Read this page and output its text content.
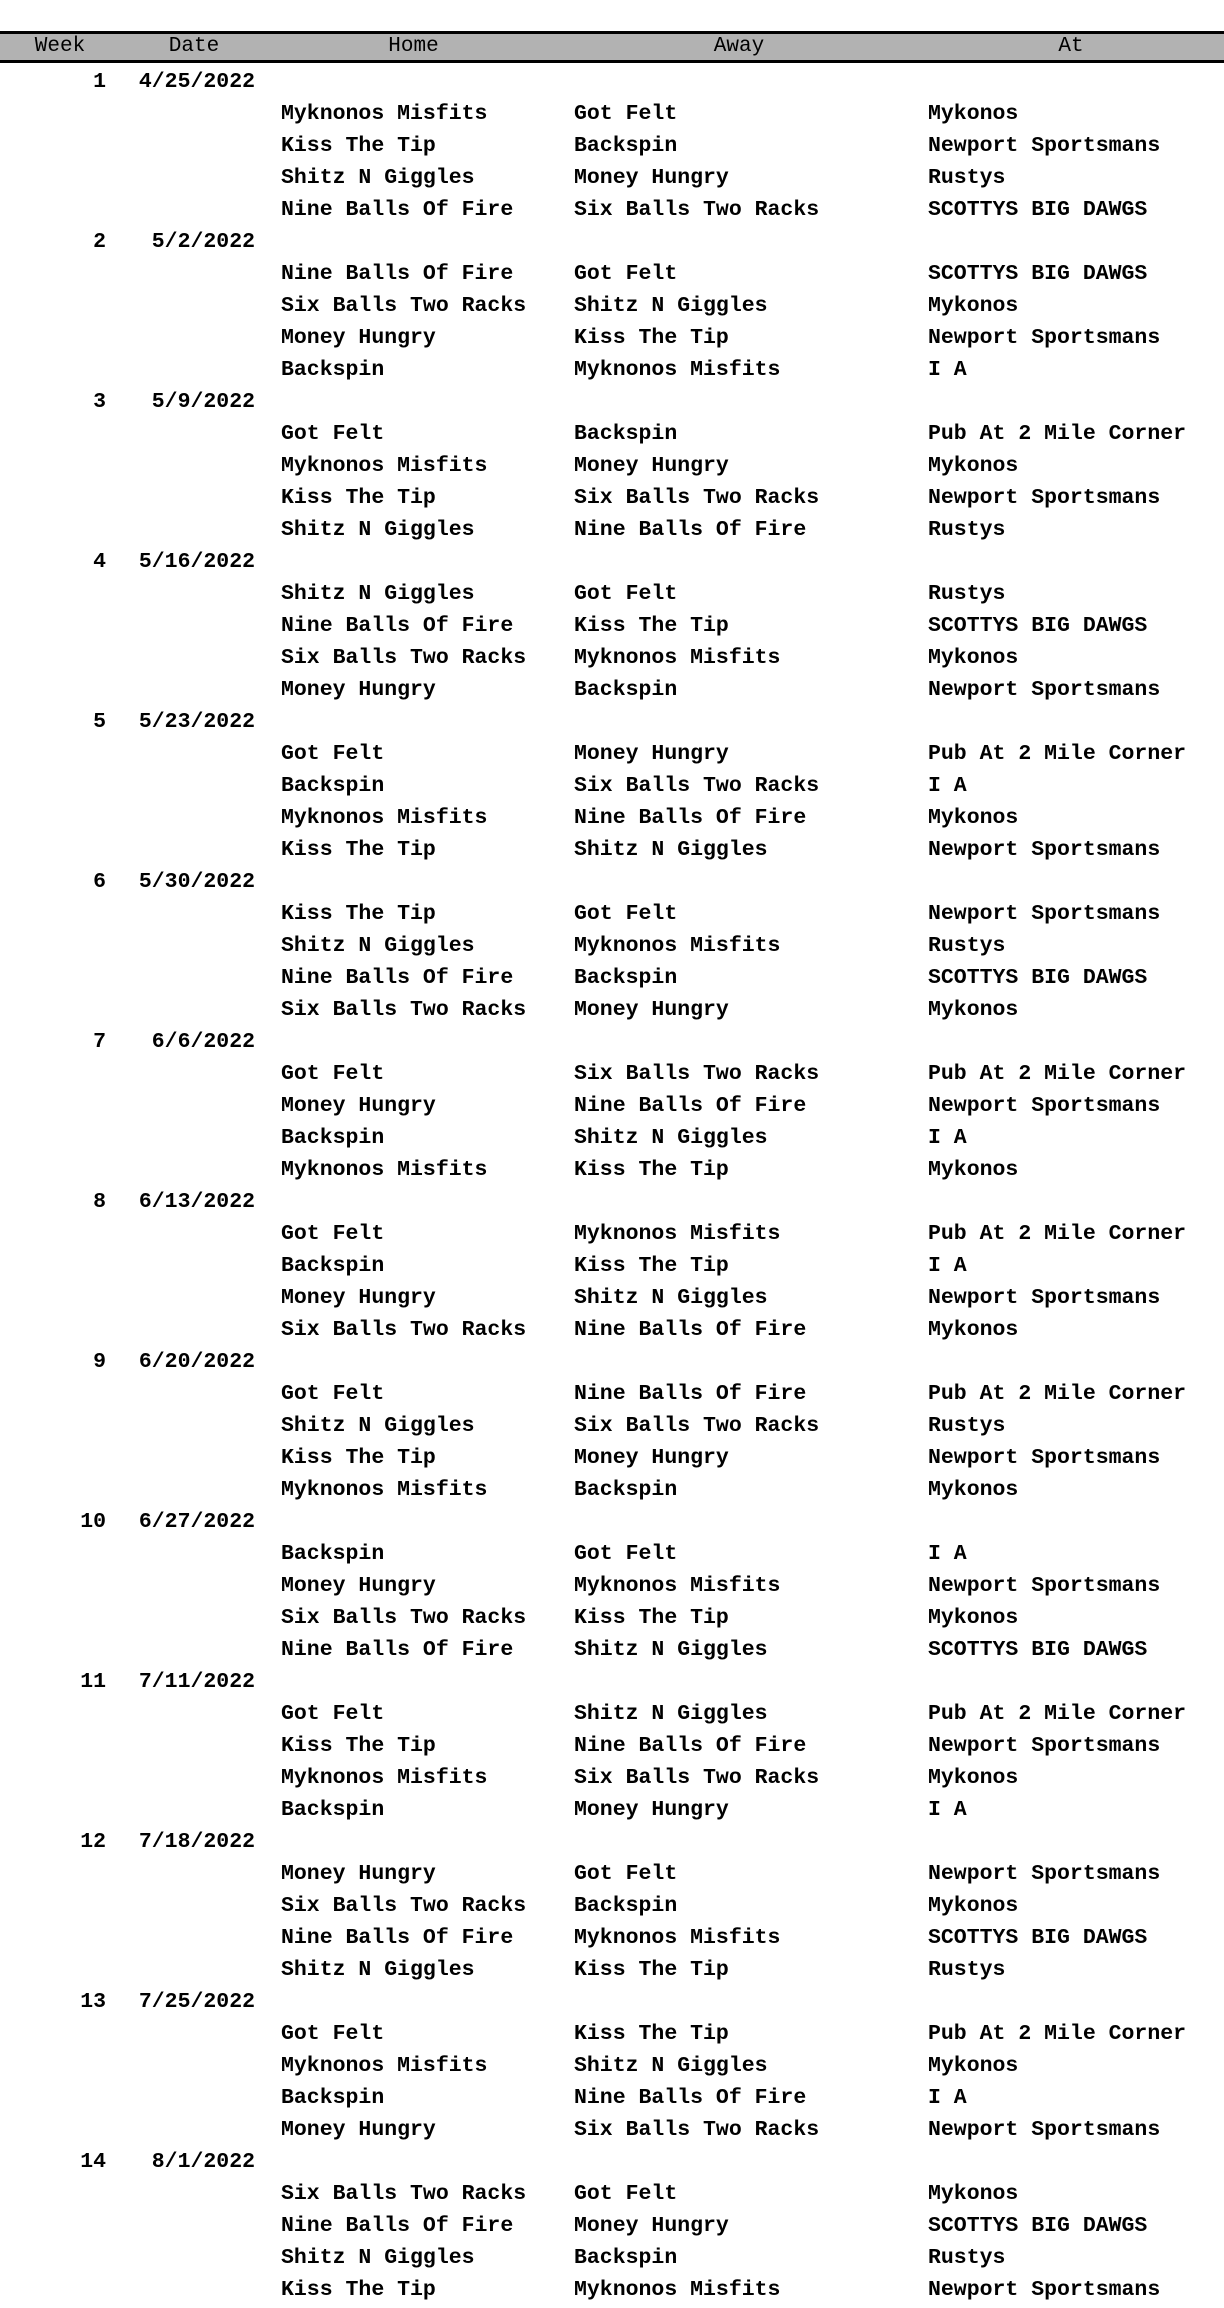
Week	Date	Home	Away	At
1	4/25/2022
Myknonos Misfits	Got Felt	Mykonos
Kiss The Tip	Backspin	Newport Sportsmans
Shitz N Giggles	Money Hungry	Rustys
Nine Balls Of Fire	Six Balls Two Racks	SCOTTYS BIG DAWGS
2	5/2/2022
Nine Balls Of Fire	Got Felt	SCOTTYS BIG DAWGS
Six Balls Two Racks	Shitz N Giggles	Mykonos
Money Hungry	Kiss The Tip	Newport Sportsmans
Backspin	Myknonos Misfits	I A
3	5/9/2022
Got Felt	Backspin	Pub At 2 Mile Corner
Myknonos Misfits	Money Hungry	Mykonos
Kiss The Tip	Six Balls Two Racks	Newport Sportsmans
Shitz N Giggles	Nine Balls Of Fire	Rustys
4	5/16/2022
Shitz N Giggles	Got Felt	Rustys
Nine Balls Of Fire	Kiss The Tip	SCOTTYS BIG DAWGS
Six Balls Two Racks	Myknonos Misfits	Mykonos
Money Hungry	Backspin	Newport Sportsmans
5	5/23/2022
Got Felt	Money Hungry	Pub At 2 Mile Corner
Backspin	Six Balls Two Racks	I A
Myknonos Misfits	Nine Balls Of Fire	Mykonos
Kiss The Tip	Shitz N Giggles	Newport Sportsmans
6	5/30/2022
Kiss The Tip	Got Felt	Newport Sportsmans
Shitz N Giggles	Myknonos Misfits	Rustys
Nine Balls Of Fire	Backspin	SCOTTYS BIG DAWGS
Six Balls Two Racks	Money Hungry	Mykonos
7	6/6/2022
Got Felt	Six Balls Two Racks	Pub At 2 Mile Corner
Money Hungry	Nine Balls Of Fire	Newport Sportsmans
Backspin	Shitz N Giggles	I A
Myknonos Misfits	Kiss The Tip	Mykonos
8	6/13/2022
Got Felt	Myknonos Misfits	Pub At 2 Mile Corner
Backspin	Kiss The Tip	I A
Money Hungry	Shitz N Giggles	Newport Sportsmans
Six Balls Two Racks	Nine Balls Of Fire	Mykonos
9	6/20/2022
Got Felt	Nine Balls Of Fire	Pub At 2 Mile Corner
Shitz N Giggles	Six Balls Two Racks	Rustys
Kiss The Tip	Money Hungry	Newport Sportsmans
Myknonos Misfits	Backspin	Mykonos
10	6/27/2022
Backspin	Got Felt	I A
Money Hungry	Myknonos Misfits	Newport Sportsmans
Six Balls Two Racks	Kiss The Tip	Mykonos
Nine Balls Of Fire	Shitz N Giggles	SCOTTYS BIG DAWGS
11	7/11/2022
Got Felt	Shitz N Giggles	Pub At 2 Mile Corner
Kiss The Tip	Nine Balls Of Fire	Newport Sportsmans
Myknonos Misfits	Six Balls Two Racks	Mykonos
Backspin	Money Hungry	I A
12	7/18/2022
Money Hungry	Got Felt	Newport Sportsmans
Six Balls Two Racks	Backspin	Mykonos
Nine Balls Of Fire	Myknonos Misfits	SCOTTYS BIG DAWGS
Shitz N Giggles	Kiss The Tip	Rustys
13	7/25/2022
Got Felt	Kiss The Tip	Pub At 2 Mile Corner
Myknonos Misfits	Shitz N Giggles	Mykonos
Backspin	Nine Balls Of Fire	I A
Money Hungry	Six Balls Two Racks	Newport Sportsmans
14	8/1/2022
Six Balls Two Racks	Got Felt	Mykonos
Nine Balls Of Fire	Money Hungry	SCOTTYS BIG DAWGS
Shitz N Giggles	Backspin	Rustys
Kiss The Tip	Myknonos Misfits	Newport Sportsmans
